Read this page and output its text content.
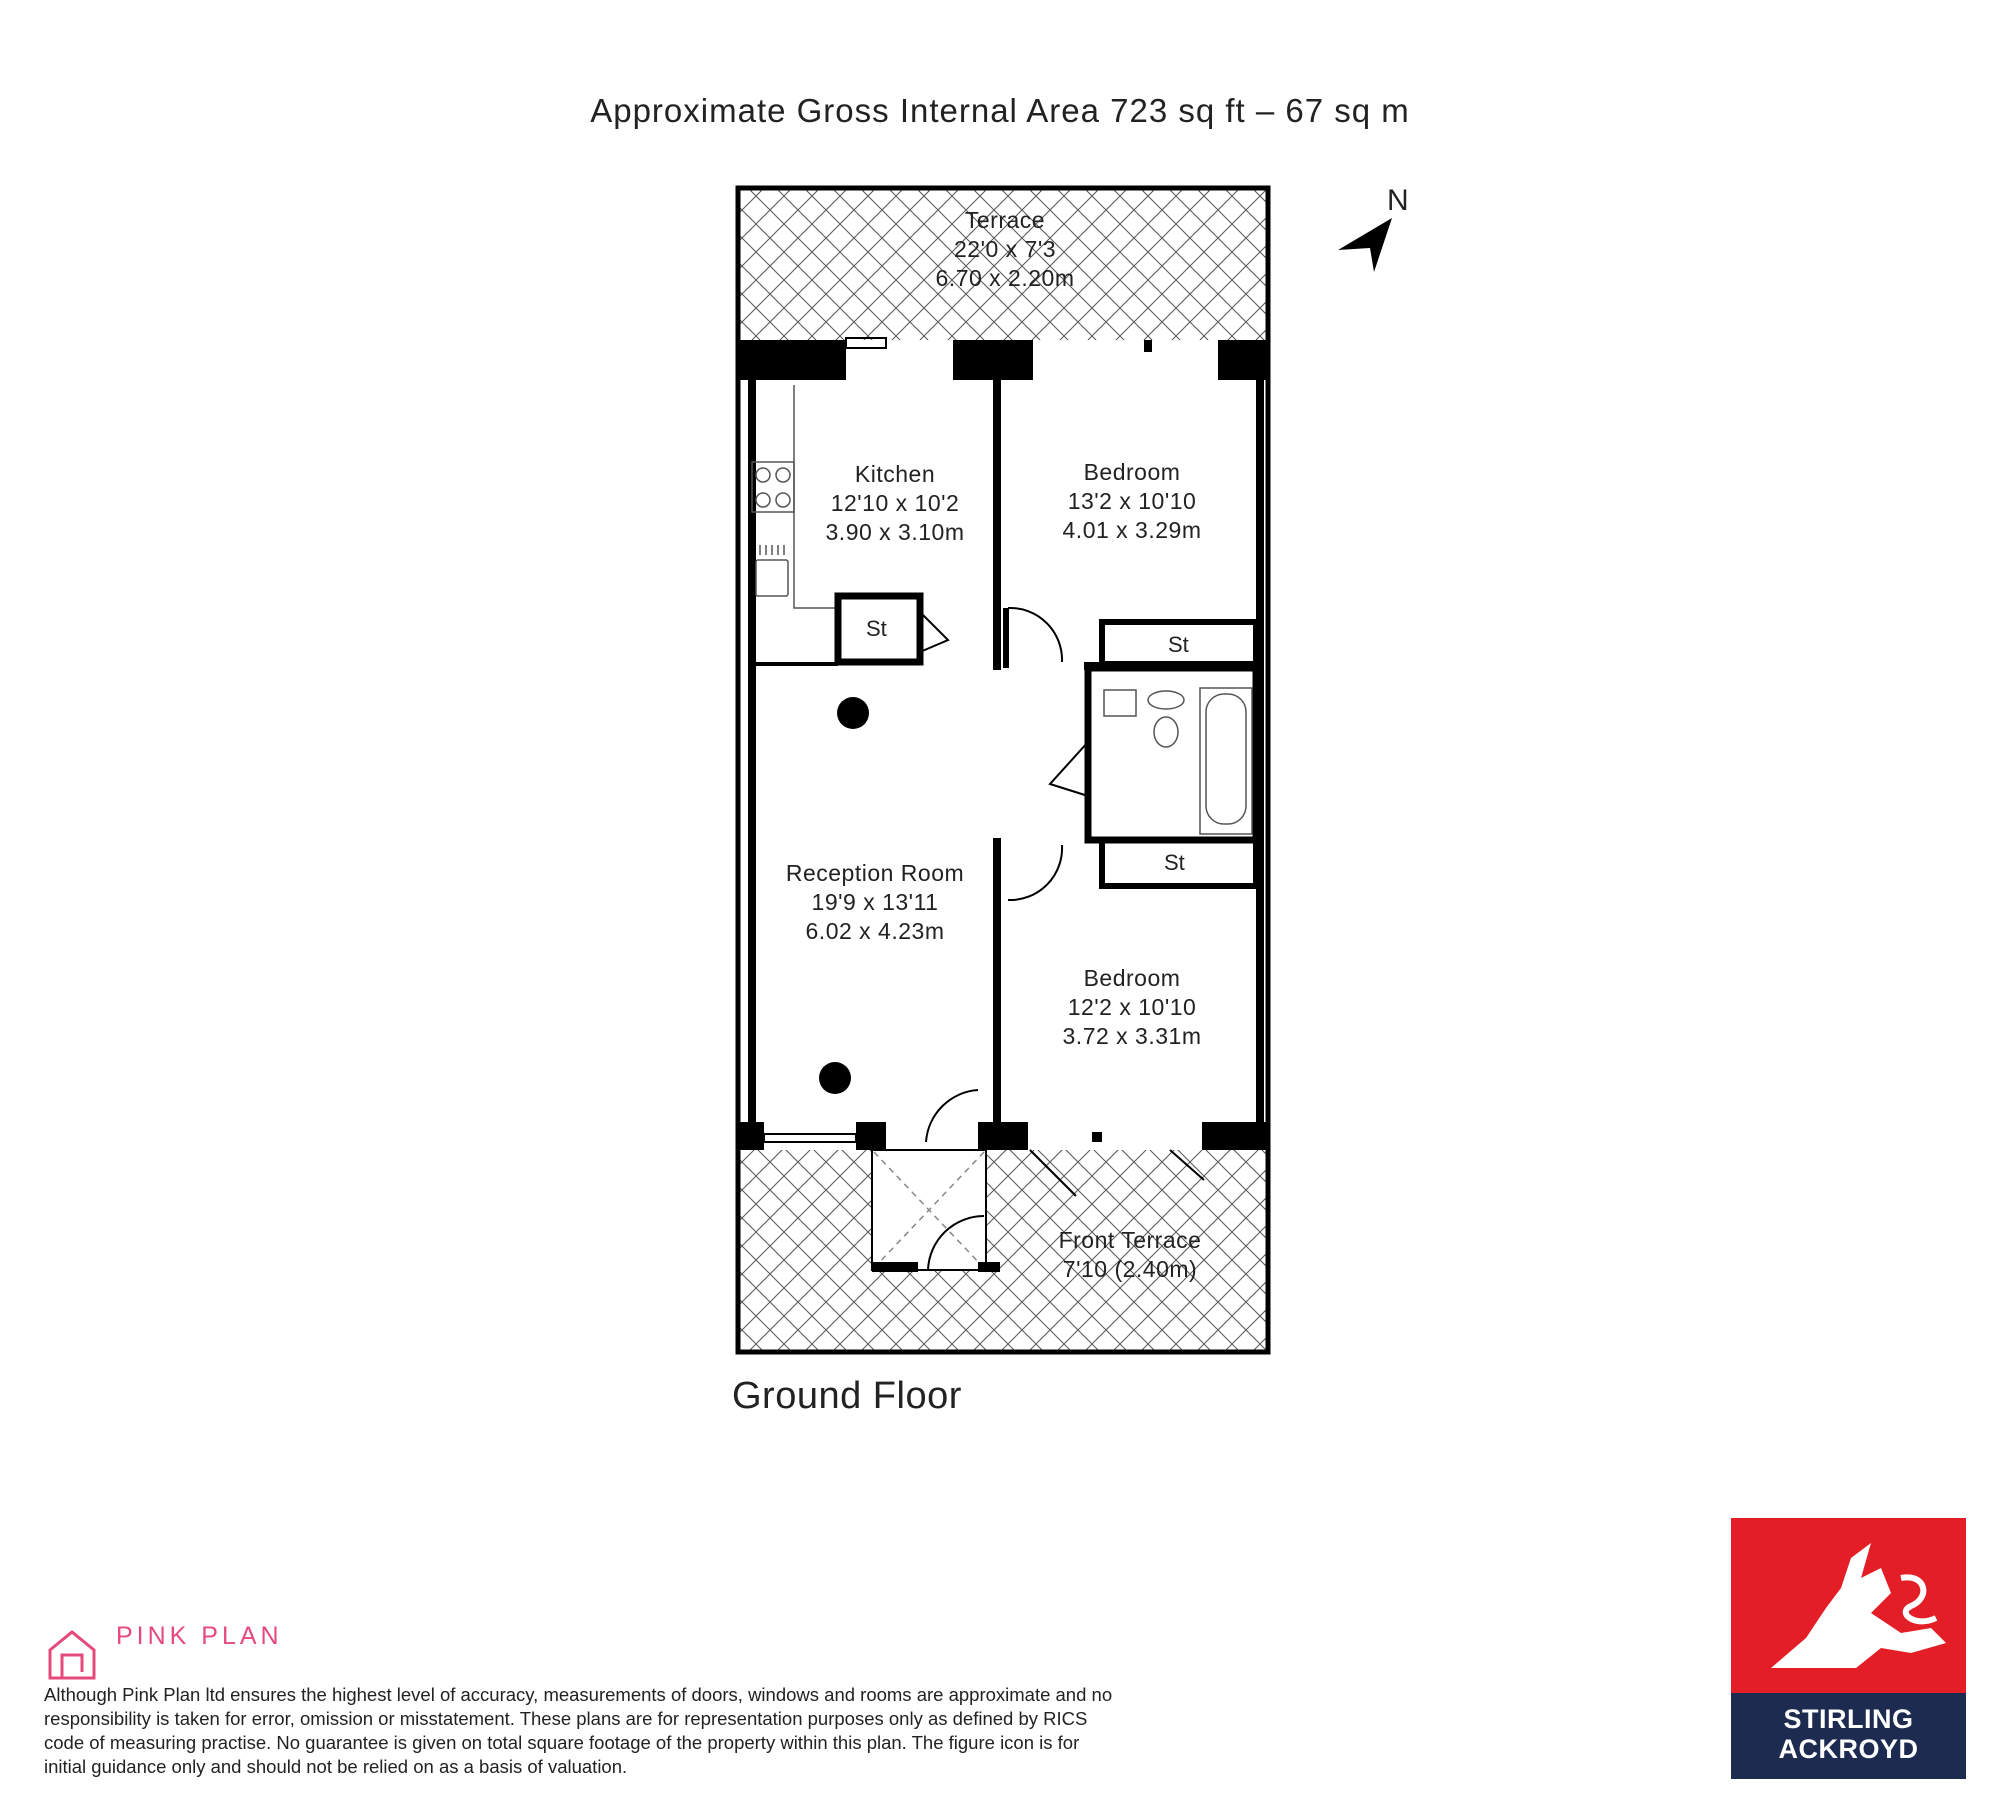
Approximate Gross Internal Area 723 sq ft – 67 sq m
Terrace
22'0 x 7'3
6.70 x 2.20m
Kitchen
12'10 x 10'2
3.90 x 3.10m
Bedroom
13'2 x 10'10
4.01 x 3.29m
Reception Room
19'9 x 13'11
6.02 x 4.23m
Bedroom
12'2 x 10'10
3.72 x 3.31m
Front Terrace
7'10 (2.40m)
St
St
St
N
Ground Floor
PINK PLAN
Although Pink Plan ltd ensures the highest level of accuracy, measurements of doors, windows and rooms are approximate and no responsibility is taken for error, omission or misstatement. These plans are for representation purposes only as defined by RICS code of measuring practise. No guarantee is given on total square footage of the property within this plan. The figure icon is for initial guidance only and should not be relied on as a basis of valuation.
STIRLING
ACKROYD
